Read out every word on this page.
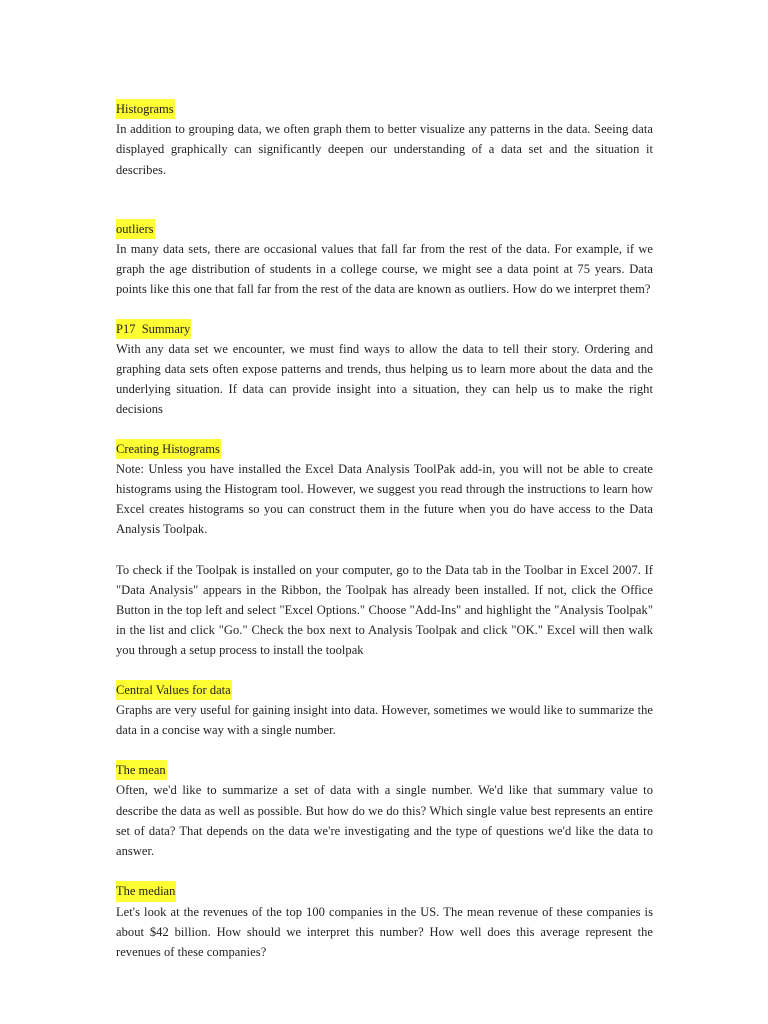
Histograms

In addition to grouping data, we often graph them to better visualize any patterns in the data. Seeing data displayed graphically can significantly deepen our understanding of a data set and the situation it describes.

outliers

In many data sets, there are occasional values that fall far from the rest of the data. For example, if we graph the age distribution of students in a college course, we might see a data point at 75 years. Data points like this one that fall far from the rest of the data are known as outliers. How do we interpret them?

P17  Summary

With any data set we encounter, we must find ways to allow the data to tell their story. Ordering and graphing data sets often expose patterns and trends, thus helping us to learn more about the data and the underlying situation. If data can provide insight into a situation, they can help us to make the right decisions

Creating Histograms

Note: Unless you have installed the Excel Data Analysis ToolPak add-in, you will not be able to create histograms using the Histogram tool. However, we suggest you read through the instructions to learn how Excel creates histograms so you can construct them in the future when you do have access to the Data Analysis Toolpak.

To check if the Toolpak is installed on your computer, go to the Data tab in the Toolbar in Excel 2007. If "Data Analysis" appears in the Ribbon, the Toolpak has already been installed. If not, click the Office Button in the top left and select "Excel Options." Choose "Add-Ins" and highlight the "Analysis Toolpak" in the list and click "Go." Check the box next to Analysis Toolpak and click "OK." Excel will then walk you through a setup process to install the toolpak

Central Values for data

Graphs are very useful for gaining insight into data. However, sometimes we would like to summarize the data in a concise way with a single number.

The mean

Often, we'd like to summarize a set of data with a single number. We'd like that summary value to describe the data as well as possible. But how do we do this? Which single value best represents an entire set of data? That depends on the data we're investigating and the type of questions we'd like the data to answer.

The median

Let's look at the revenues of the top 100 companies in the US. The mean revenue of these companies is about $42 billion. How should we interpret this number? How well does this average represent the revenues of these companies?
